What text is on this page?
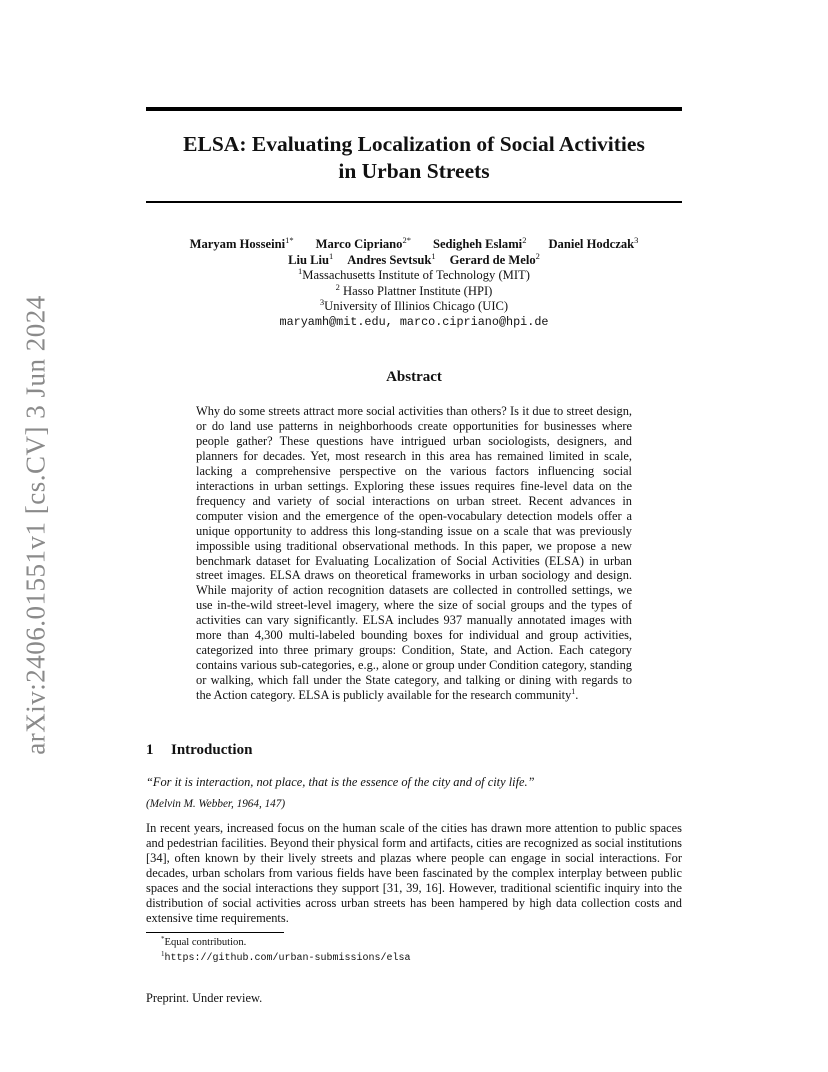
arXiv:2406.01551v1 [cs.CV] 3 Jun 2024
ELSA: Evaluating Localization of Social Activities
in Urban Streets
Maryam Hosseini$^{1*}$ Marco Cipriano$^{2*}$ Sedigheh Eslami$^2$ Daniel Hodczak$^3$
Liu Liu$^1$ Andres Sevtsuk$^1$ Gerard de Melo$^2$
$^1$Massachusetts Institute of Technology (MIT)
$^2$ Hasso Plattner Institute (HPI)
$^3$University of Illinios Chicago (UIC)
maryamh@mit.edu, marco.cipriano@hpi.de
Abstract
Why do some streets attract more social activities than others? Is it due to street design, or do land use patterns in neighborhoods create opportunities for businesses where people gather? These questions have intrigued urban sociologists, designers, and planners for decades. Yet, most research in this area has remained limited in scale, lacking a comprehensive perspective on the various factors influencing social interactions in urban settings. Exploring these issues requires fine-level data on the frequency and variety of social interactions on urban street. Recent advances in computer vision and the emergence of the open-vocabulary detection models offer a unique opportunity to address this long-standing issue on a scale that was previously impossible using traditional observational methods. In this paper, we propose a new benchmark dataset for Evaluating Localization of Social Activities (ELSA) in urban street images. ELSA draws on theoretical frameworks in urban sociology and design. While majority of action recognition datasets are collected in controlled settings, we use in-the-wild street-level imagery, where the size of social groups and the types of activities can vary significantly. ELSA includes 937 manually annotated images with more than 4,300 multi-labeled bounding boxes for individual and group activities, categorized into three primary groups: Condition, State, and Action. Each category contains various sub-categories, e.g., alone or group under Condition category, standing or walking, which fall under the State category, and talking or dining with regards to the Action category. ELSA is publicly available for the research community$^1$.
1 Introduction
“For it is interaction, not place, that is the essence of the city and of city life.”
(Melvin M. Webber, 1964, 147)
In recent years, increased focus on the human scale of the cities has drawn more attention to public spaces and pedestrian facilities. Beyond their physical form and artifacts, cities are recognized as social institutions [34], often known by their lively streets and plazas where people can engage in social interactions. For decades, urban scholars from various fields have been fascinated by the complex interplay between public spaces and the social interactions they support [31, 39, 16]. However, traditional scientific inquiry into the distribution of social activities across urban streets has been hampered by high data collection costs and extensive time requirements.
*Equal contribution.
$^1$https://github.com/urban-submissions/elsa
Preprint. Under review.
